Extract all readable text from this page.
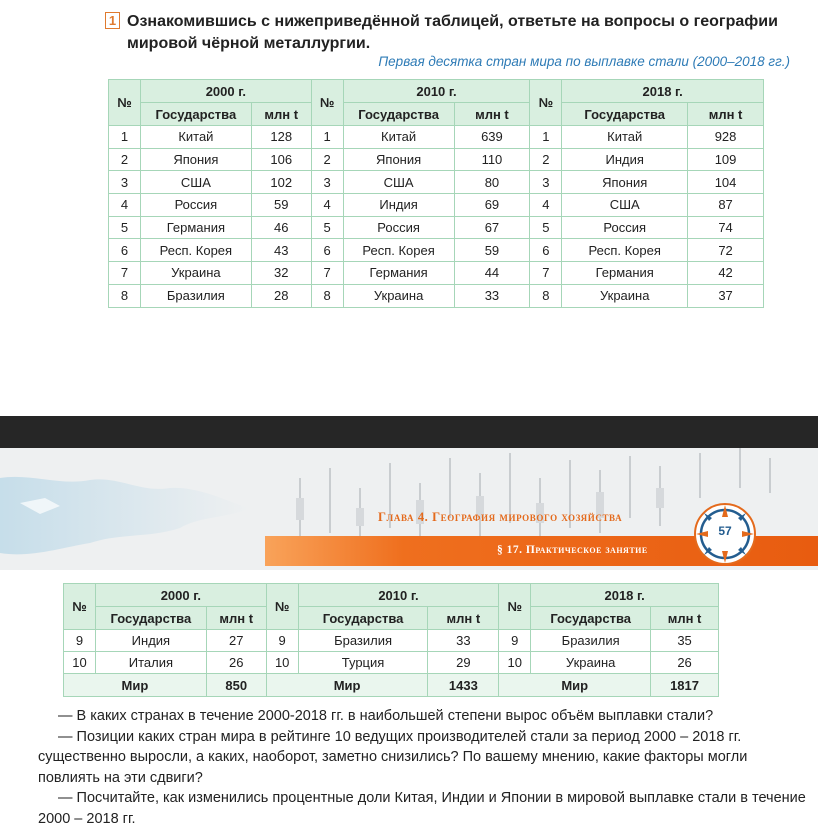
1 Ознакомившись с нижеприведённой таблицей, ответьте на вопросы о географии мировой чёрной металлургии.
Первая десятка стран мира по выплавке стали (2000–2018 гг.)
№	2000 г.		№	2010 г.		№	2018 г.	
	Государства	млн t		Государства	млн t		Государства	млн t
1	Китай	128	1	Китай	639	1	Китай	928
2	Япония	106	2	Япония	110	2	Индия	109
3	США	102	3	США	80	3	Япония	104
4	Россия	59	4	Индия	69	4	США	87
5	Германия	46	5	Россия	67	5	Россия	74
6	Респ. Корея	43	6	Респ. Корея	59	6	Респ. Корея	72
7	Украина	32	7	Германия	44	7	Германия	42
8	Бразилия	28	8	Украина	33	8	Украина	37
Глава 4. География мирового хозяйства
§ 17. Практическое занятие
57
№	2000 г.		№	2010 г.		№	2018 г.	
	Государства	млн t		Государства	млн t		Государства	млн t
9	Индия	27	9	Бразилия	33	9	Бразилия	35
10	Италия	26	10	Турция	29	10	Украина	26
Мир		850	Мир		1433	Мир		1817

— В каких странах в течение 2000-2018 гг. в наибольшей степени вырос объём выплавки стали?

— Позиции каких стран мира в рейтинге 10 ведущих производителей стали за период 2000 – 2018 гг. существенно выросли, а каких, наоборот, заметно снизились? По вашему мнению, какие факторы могли повлиять на эти сдвиги?

— Посчитайте, как изменились процентные доли Китая, Индии и Японии в мировой выплавке стали в течение 2000 – 2018 гг.
